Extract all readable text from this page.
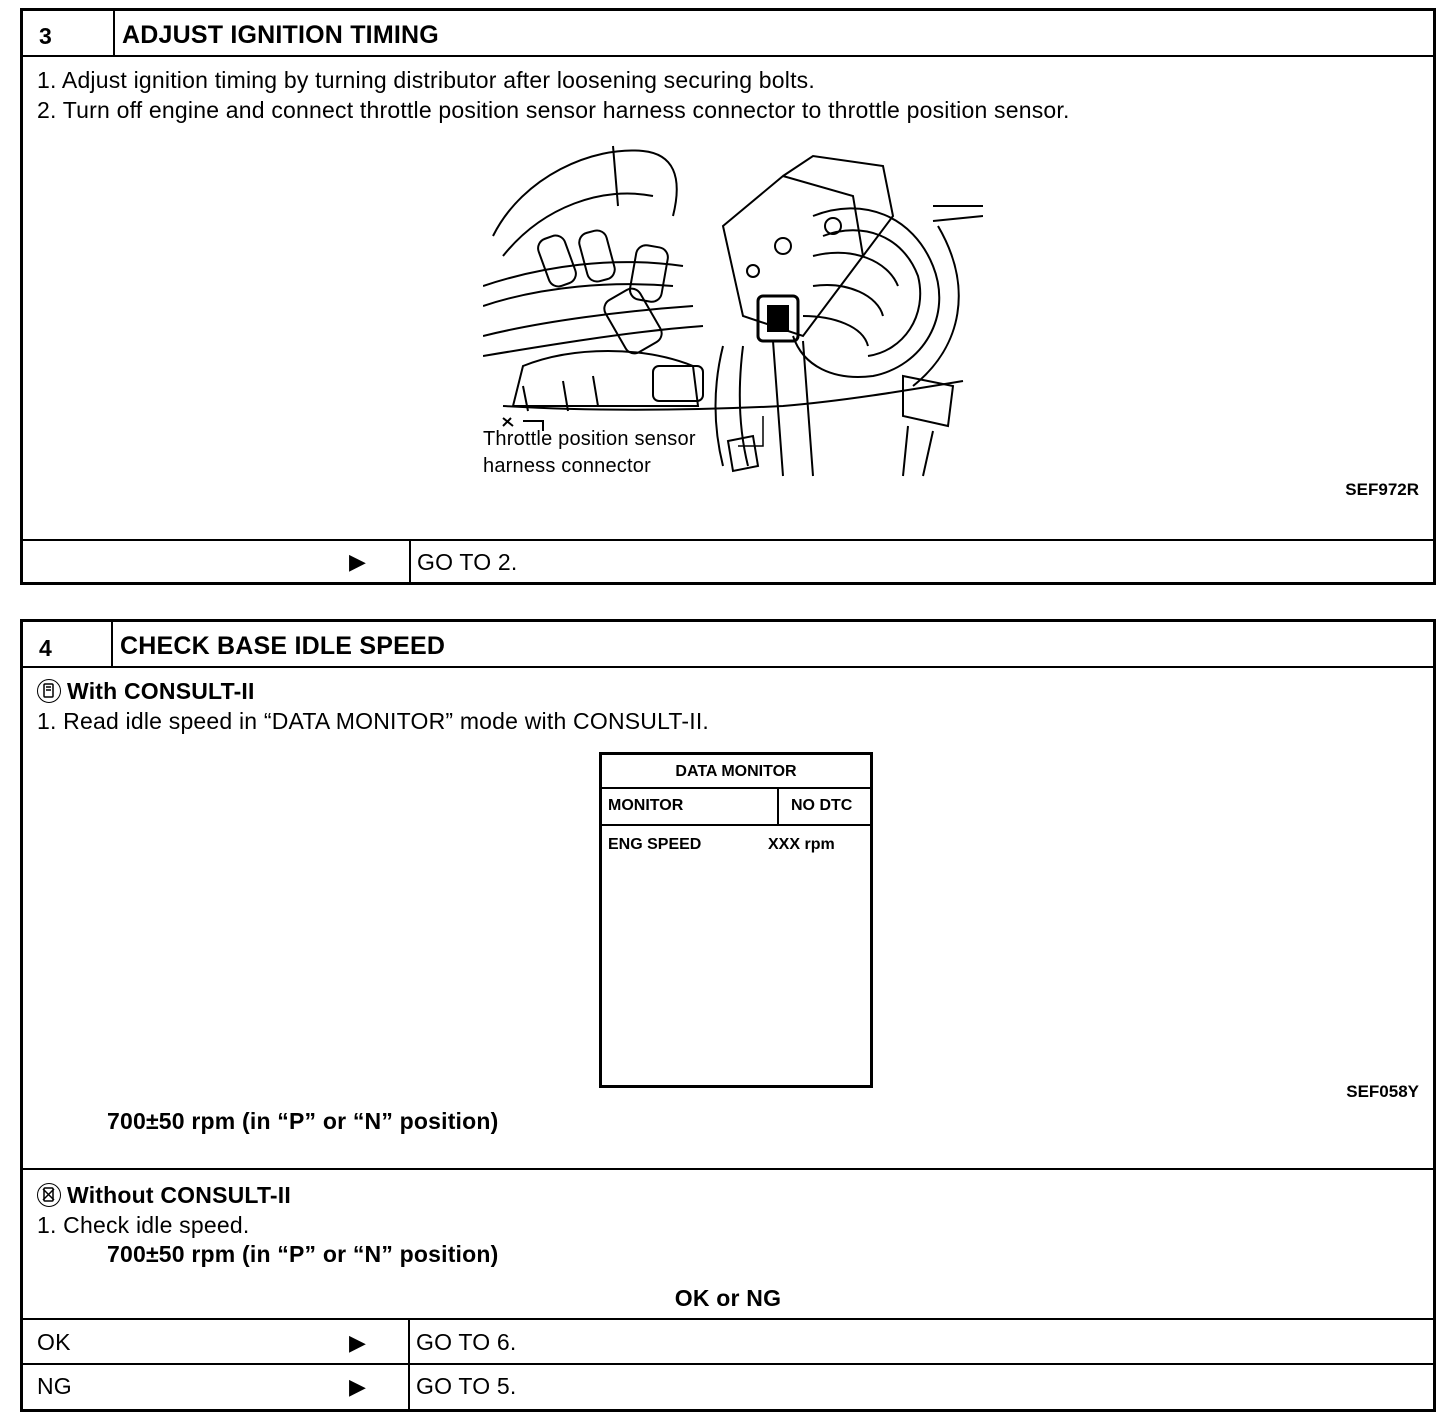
3	ADJUST IGNITION TIMING
1. Adjust ignition timing by turning distributor after loosening securing bolts.
2. Turn off engine and connect throttle position sensor harness connector to throttle position sensor.
Throttle position sensor
harness connector
SEF972R
▶ GO TO 2.
4	CHECK BASE IDLE SPEED
With CONSULT-II
1. Read idle speed in “DATA MONITOR” mode with CONSULT-II.
DATA MONITOR
MONITOR	NO DTC
ENG SPEED	XXX rpm
SEF058Y
700±50 rpm (in “P” or “N” position)
Without CONSULT-II
1. Check idle speed.
700±50 rpm (in “P” or “N” position)
OK or NG
OK	▶ GO TO 6.
NG	▶ GO TO 5.
